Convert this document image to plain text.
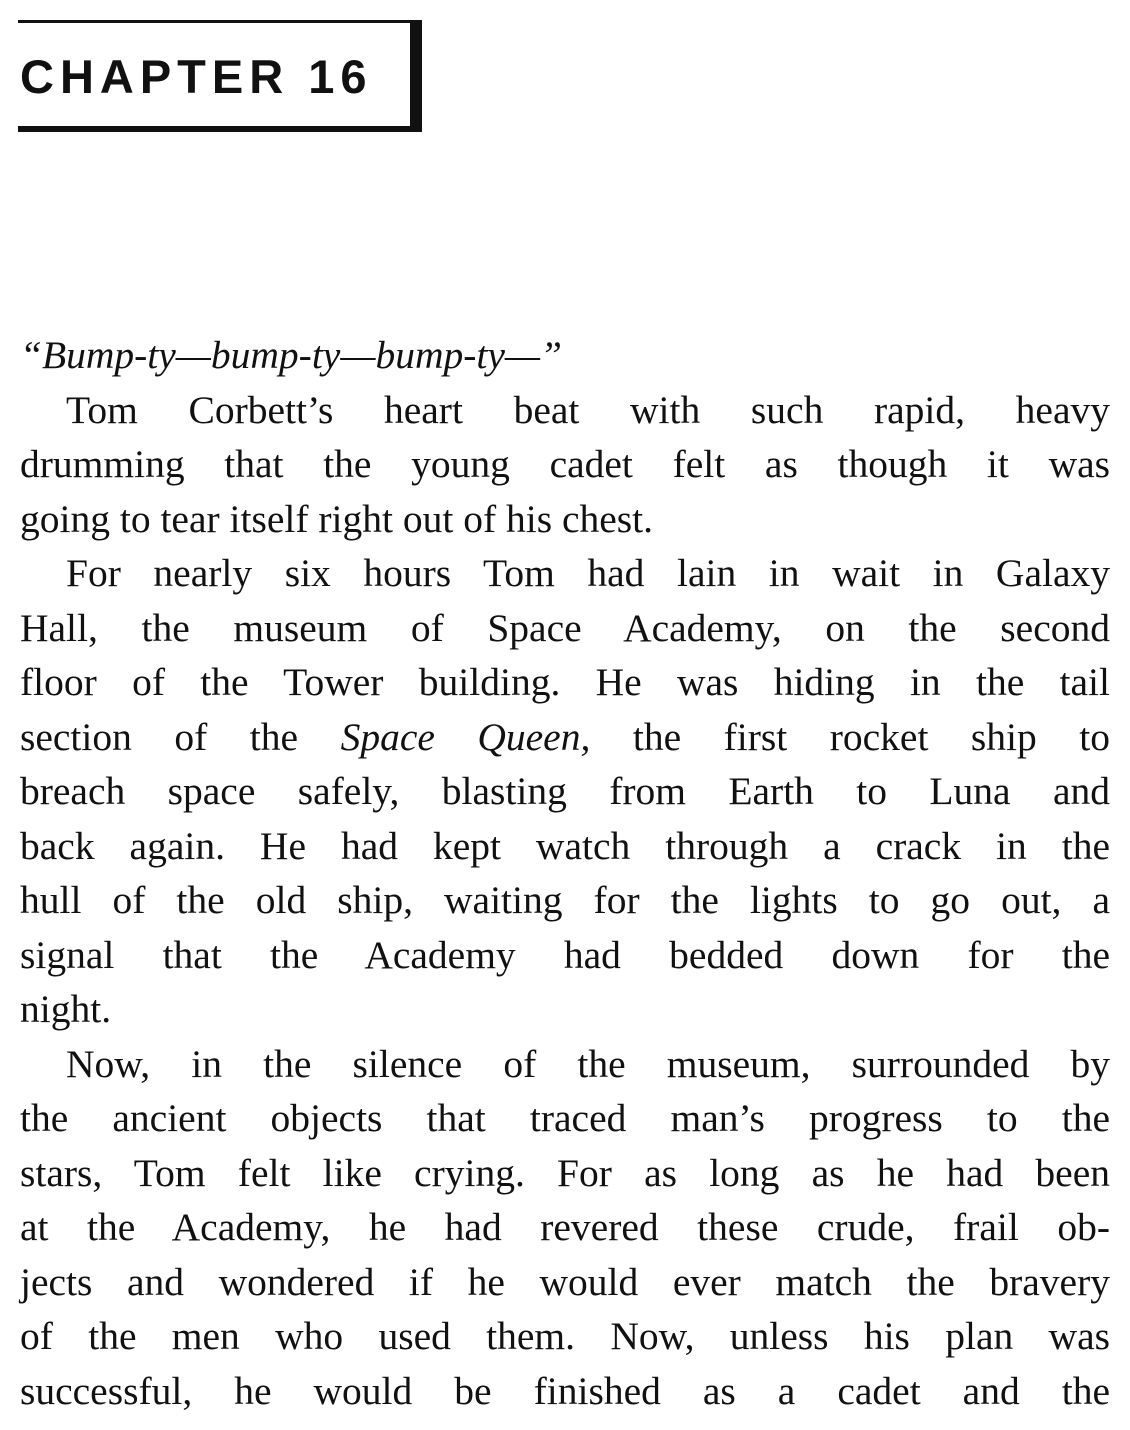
CHAPTER 16
“Bump-ty—bump-ty—bump-ty—”
Tom Corbett’s heart beat with such rapid, heavy
drumming that the young cadet felt as though it was
going to tear itself right out of his chest.
For nearly six hours Tom had lain in wait in Galaxy
Hall, the museum of Space Academy, on the second
floor of the Tower building. He was hiding in the tail
section of the Space Queen, the first rocket ship to
breach space safely, blasting from Earth to Luna and
back again. He had kept watch through a crack in the
hull of the old ship, waiting for the lights to go out, a
signal that the Academy had bedded down for the
night.
Now, in the silence of the museum, surrounded by
the ancient objects that traced man’s progress to the
stars, Tom felt like crying. For as long as he had been
at the Academy, he had revered these crude, frail ob-
jects and wondered if he would ever match the bravery
of the men who used them. Now, unless his plan was
successful, he would be finished as a cadet and the
